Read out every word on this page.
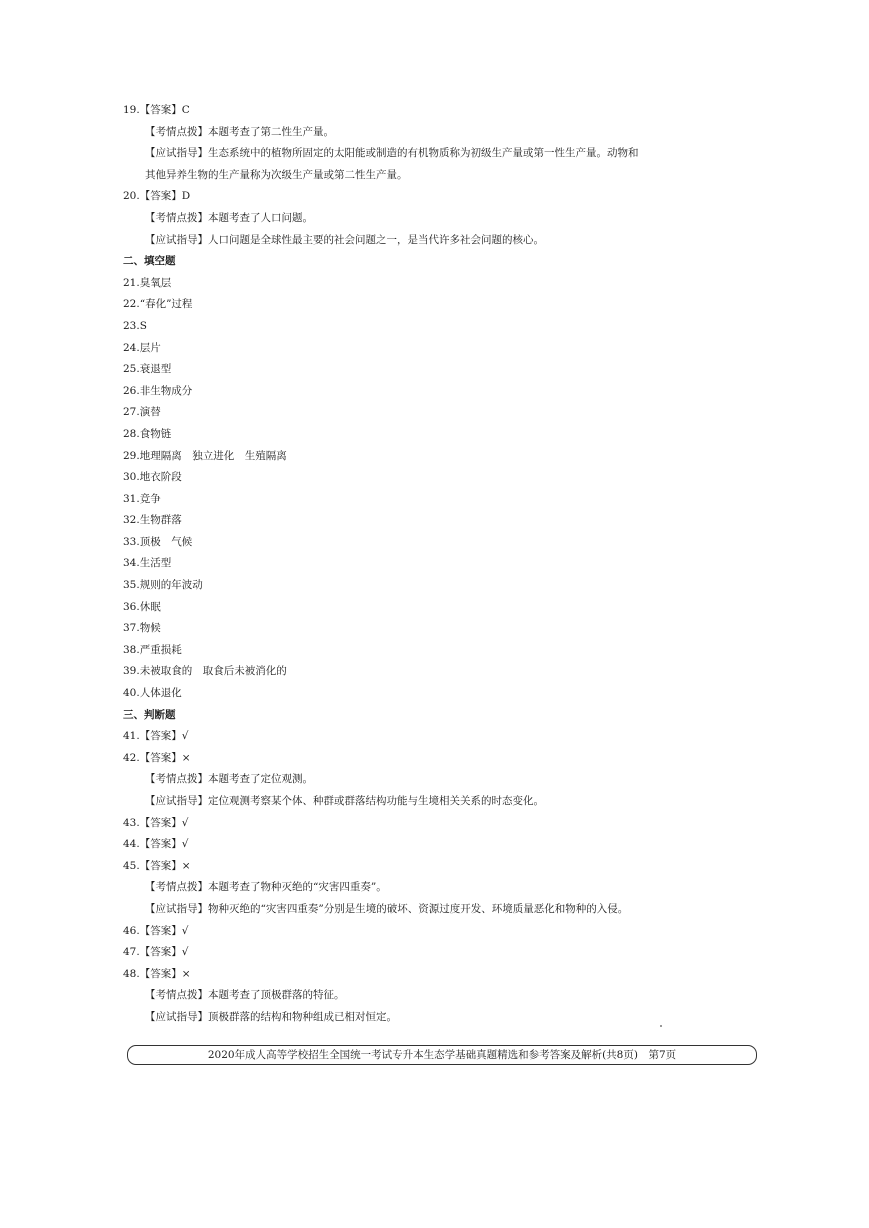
19.【答案】C
【考情点拨】本题考查了第二性生产量。
【应试指导】生态系统中的植物所固定的太阳能或制造的有机物质称为初级生产量或第一性生产量。动物和
其他异养生物的生产量称为次级生产量或第二性生产量。
20.【答案】D
【考情点拨】本题考查了人口问题。
【应试指导】人口问题是全球性最主要的社会问题之一，是当代许多社会问题的核心。
二、填空题
21.臭氧层
22.“春化”过程
23.S
24.层片
25.衰退型
26.非生物成分
27.演替
28.食物链
29.地理隔离　独立进化　生殖隔离
30.地衣阶段
31.竞争
32.生物群落
33.顶极　气候
34.生活型
35.规则的年波动
36.休眠
37.物候
38.严重损耗
39.未被取食的　取食后未被消化的
40.人体退化
三、判断题
41.【答案】√
42.【答案】×
【考情点拨】本题考查了定位观测。
【应试指导】定位观测考察某个体、种群或群落结构功能与生境相关关系的时态变化。
43.【答案】√
44.【答案】√
45.【答案】×
【考情点拨】本题考查了物种灭绝的“灾害四重奏”。
【应试指导】物种灭绝的“灾害四重奏”分别是生境的破坏、资源过度开发、环境质量恶化和物种的入侵。
46.【答案】√
47.【答案】√
48.【答案】×
【考情点拨】本题考查了顶极群落的特征。
【应试指导】顶极群落的结构和物种组成已相对恒定。
2020年成人高等学校招生全国统一考试专升本生态学基础真题精选和参考答案及解析(共8页)　第7页
